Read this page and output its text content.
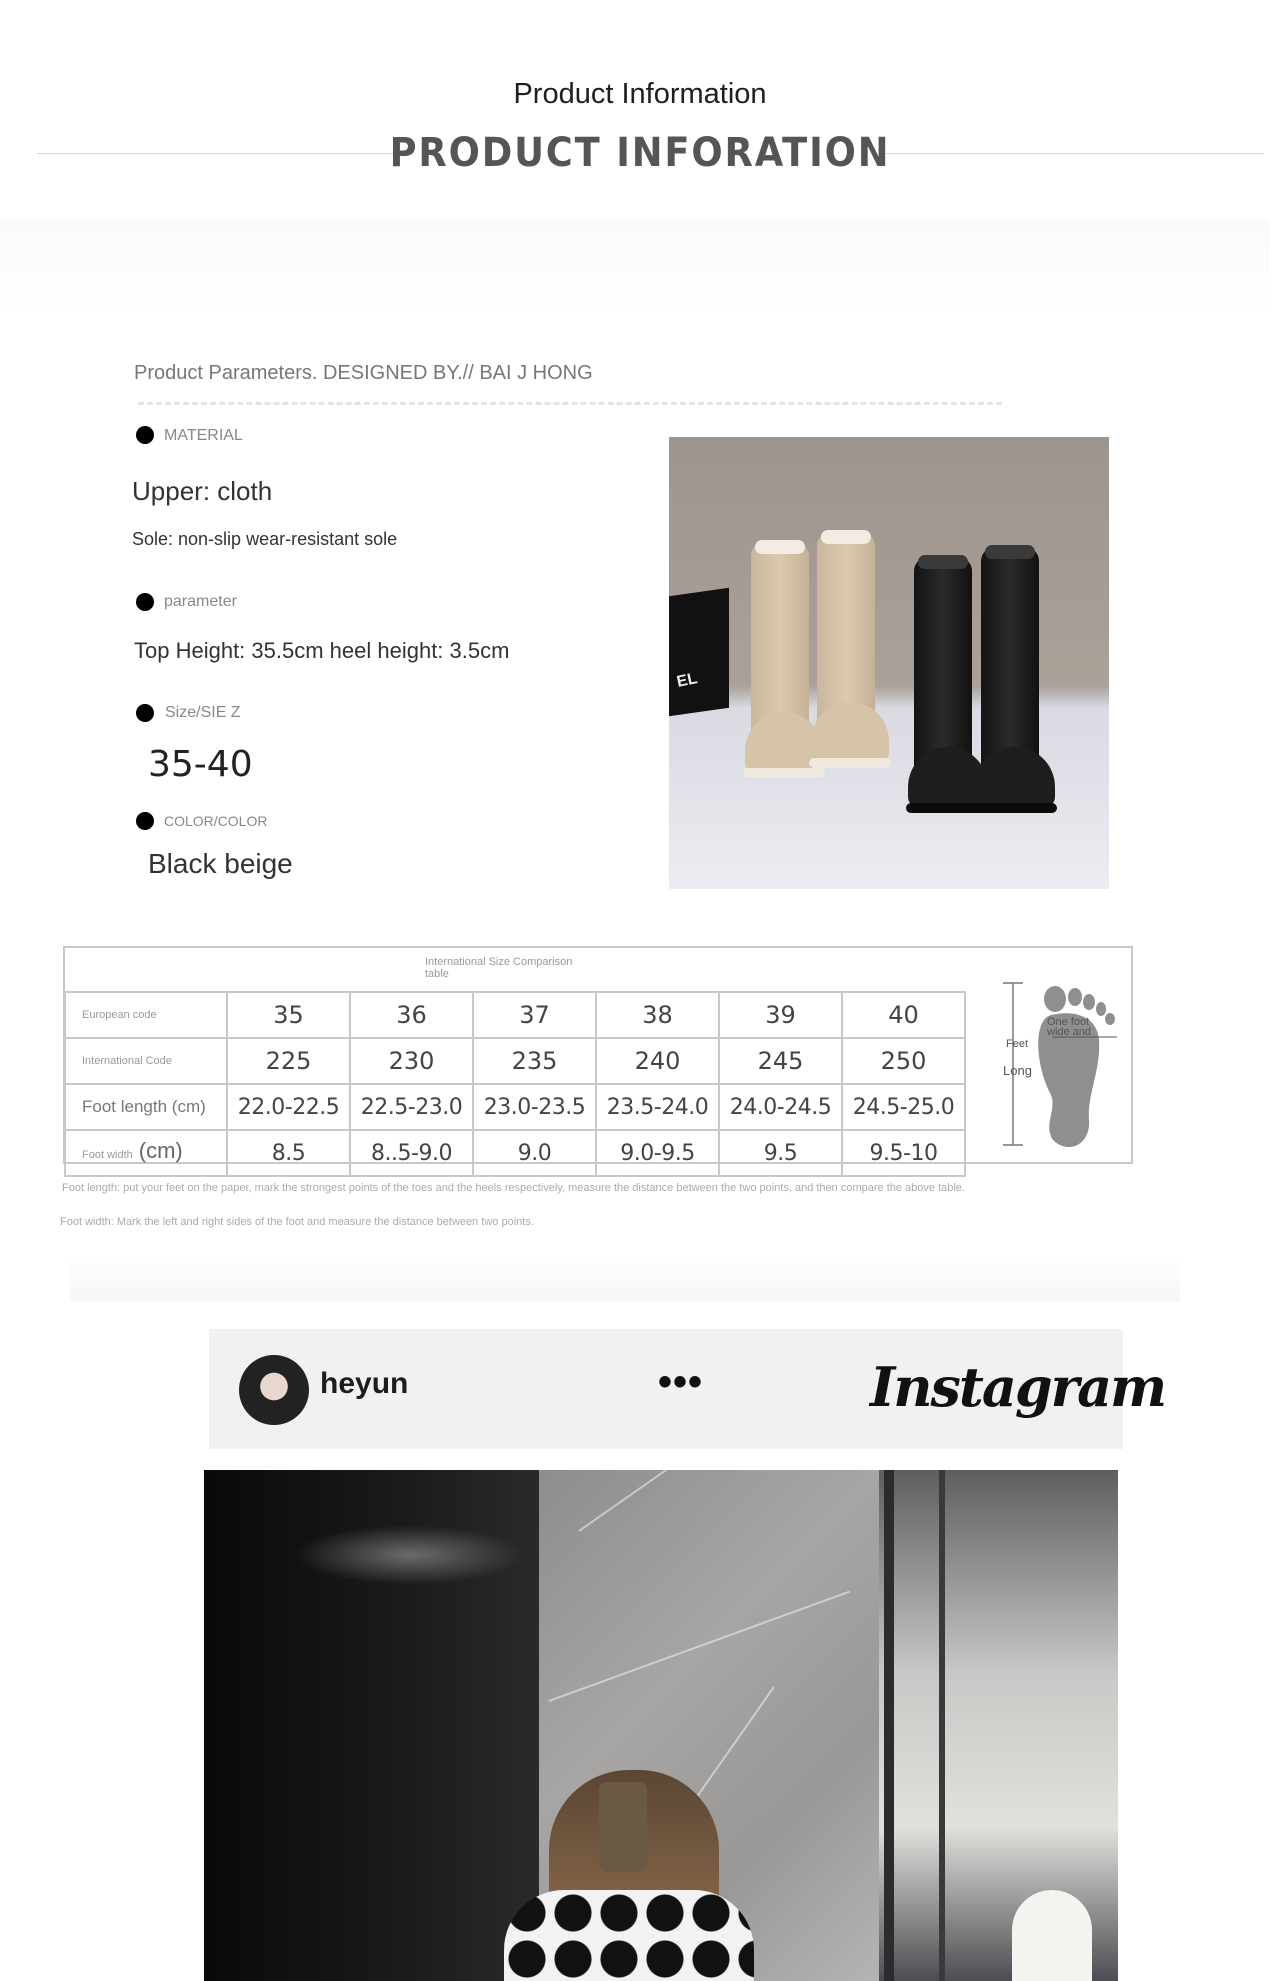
Product Information
PRODUCT INFORATION
Product Parameters. DESIGNED BY.// BAI J HONG
MATERIAL
Upper: cloth
Sole: non-slip wear-resistant sole
parameter
Top Height: 35.5cm heel height: 3.5cm
Size/SIE Z
35-40
COLOR/COLOR
Black beige
EL
International Size Comparison table
European code	35	36	37	38	39	40
International Code	225	230	235	240	245	250
Foot length (cm)	22.0-22.5	22.5-23.0	23.0-23.5	23.5-24.0	24.0-24.5	24.5-25.0
Foot width (cm)	8.5	8..5-9.0	9.0	9.0-9.5	9.5	9.5-10
Feet
Long
One foot wide and
Foot length: put your feet on the paper, mark the strongest points of the toes and the heels respectively, measure the distance between the two points, and then compare the above table.
Foot width: Mark the left and right sides of the foot and measure the distance between two points.
heyun	•••	Instagram
